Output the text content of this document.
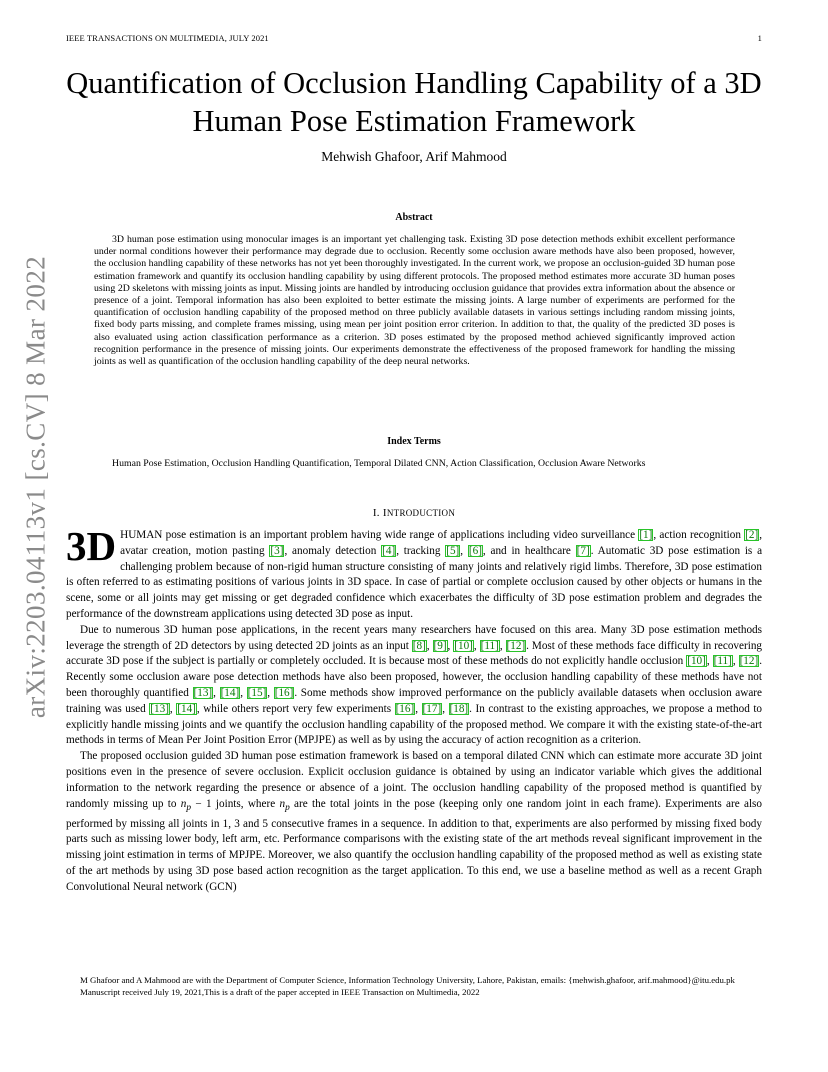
IEEE TRANSACTIONS ON MULTIMEDIA, JULY 2021	1
arXiv:2203.04113v1 [cs.CV] 8 Mar 2022
Quantification of Occlusion Handling Capability of a 3D Human Pose Estimation Framework
Mehwish Ghafoor, Arif Mahmood
Abstract
3D human pose estimation using monocular images is an important yet challenging task. Existing 3D pose detection methods exhibit excellent performance under normal conditions however their performance may degrade due to occlusion. Recently some occlusion aware methods have also been proposed, however, the occlusion handling capability of these networks has not yet been thoroughly investigated. In the current work, we propose an occlusion-guided 3D human pose estimation framework and quantify its occlusion handling capability by using different protocols. The proposed method estimates more accurate 3D human poses using 2D skeletons with missing joints as input. Missing joints are handled by introducing occlusion guidance that provides extra information about the absence or presence of a joint. Temporal information has also been exploited to better estimate the missing joints. A large number of experiments are performed for the quantification of occlusion handling capability of the proposed method on three publicly available datasets in various settings including random missing joints, fixed body parts missing, and complete frames missing, using mean per joint position error criterion. In addition to that, the quality of the predicted 3D poses is also evaluated using action classification performance as a criterion. 3D poses estimated by the proposed method achieved significantly improved action recognition performance in the presence of missing joints. Our experiments demonstrate the effectiveness of the proposed framework for handling the missing joints as well as quantification of the occlusion handling capability of the deep neural networks.
Index Terms
Human Pose Estimation, Occlusion Handling Quantification, Temporal Dilated CNN, Action Classification, Occlusion Aware Networks
I. INTRODUCTION

3D HUMAN pose estimation is an important problem having wide range of applications including video surveillance [1], action recognition [2], avatar creation, motion pasting [3], anomaly detection [4], tracking [5], [6], and in healthcare [7]. Automatic 3D pose estimation is a challenging problem because of non-rigid human structure consisting of many joints and relatively rigid limbs. Therefore, 3D pose estimation is often referred to as estimating positions of various joints in 3D space. In case of partial or complete occlusion caused by other objects or humans in the scene, some or all joints may get missing or get degraded confidence which exacerbates the difficulty of 3D pose estimation problem and degrades the performance of the downstream applications using detected 3D pose as input.

Due to numerous 3D human pose applications, in the recent years many researchers have focused on this area. Many 3D pose estimation methods leverage the strength of 2D detectors by using detected 2D joints as an input [8], [9], [10], [11], [12]. Most of these methods face difficulty in recovering accurate 3D pose if the subject is partially or completely occluded. It is because most of these methods do not explicitly handle occlusion [10], [11], [12]. Recently some occlusion aware pose detection methods have also been proposed, however, the occlusion handling capability of these methods have not been thoroughly quantified [13], [14], [15], [16]. Some methods show improved performance on the publicly available datasets when occlusion aware training was used [13], [14], while others report very few experiments [16], [17], [18]. In contrast to the existing approaches, we propose a method to explicitly handle missing joints and we quantify the occlusion handling capability of the proposed method. We compare it with the existing state-of-the-art methods in terms of Mean Per Joint Position Error (MPJPE) as well as by using the accuracy of action recognition as a criterion.

The proposed occlusion guided 3D human pose estimation framework is based on a temporal dilated CNN which can estimate more accurate 3D joint positions even in the presence of severe occlusion. Explicit occlusion guidance is obtained by using an indicator variable which gives the additional information to the network regarding the presence or absence of a joint. The occlusion handling capability of the proposed method is quantified by randomly missing up to $n_p - 1$ joints, where $n_p$ are the total joints in the pose (keeping only one random joint in each frame). Experiments are also performed by missing all joints in 1, 3 and 5 consecutive frames in a sequence. In addition to that, experiments are also performed by missing fixed body parts such as missing lower body, left arm, etc. Performance comparisons with the existing state of the art methods reveal significant improvement in the missing joint estimation in terms of MPJPE. Moreover, we also quantify the occlusion handling capability of the proposed method as well as existing state of the art methods by using 3D pose based action recognition as the target application. To this end, we use a baseline method as well as a recent Graph Convolutional Neural network (GCN)

M Ghafoor and A Mahmood are with the Department of Computer Science, Information Technology University, Lahore, Pakistan, emails: {mehwish.ghafoor, arif.mahmood}@itu.edu.pk

Manuscript received July 19, 2021,This is a draft of the paper accepted in IEEE Transaction on Multimedia, 2022
